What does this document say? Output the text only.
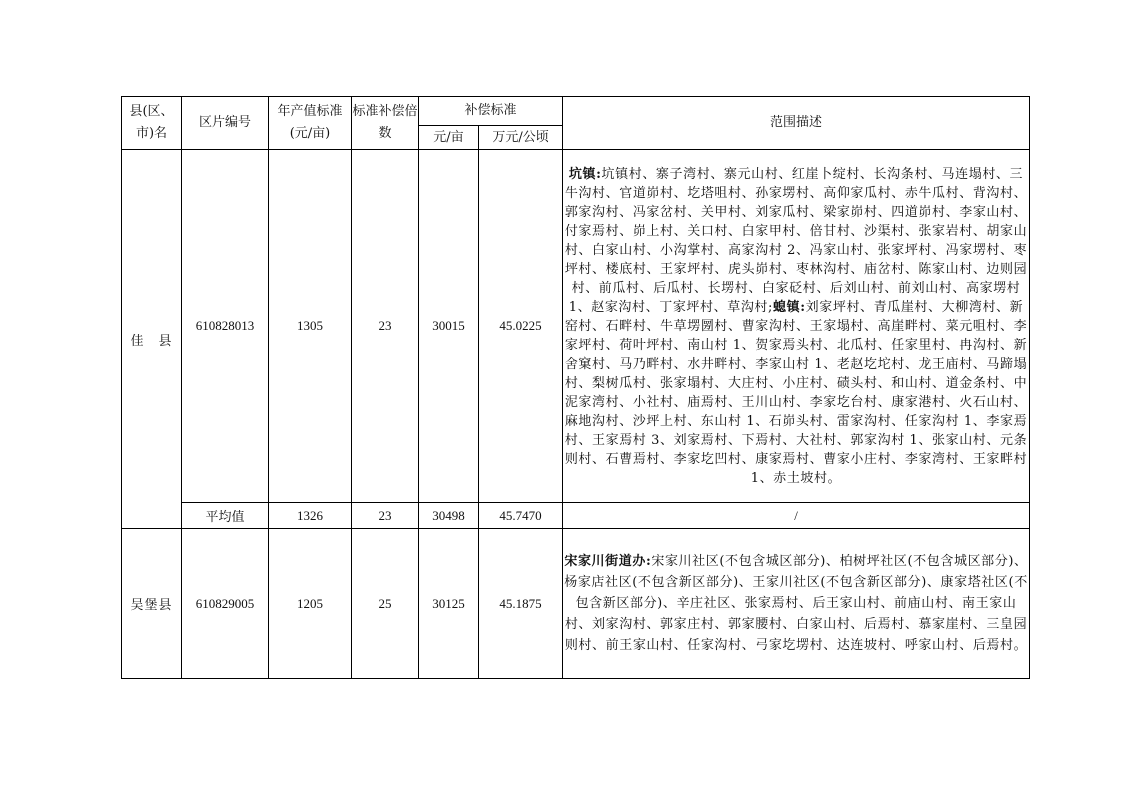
县(区、市)名	区片编号	年产值标准(元/亩)	标准补偿倍数	补偿标准		范围描述
				元/亩	万元/公顷	
佳　县	610828013	1305	23	30015	45.0225	坑镇:坑镇村、寨子湾村、寨元山村、红崖卜绽村、长沟条村、马连塌村、三牛沟村、官道峁村、圪塔咀村、孙家塄村、高仰家瓜村、赤牛瓜村、背沟村、郭家沟村、冯家岔村、关甲村、刘家瓜村、梁家峁村、四道峁村、李家山村、付家焉村、峁上村、关口村、白家甲村、倍甘村、沙渠村、张家岩村、胡家山村、白家山村、小沟掌村、高家沟村 2、冯家山村、张家坪村、冯家塄村、枣坪村、楼底村、王家坪村、虎头峁村、枣林沟村、庙岔村、陈家山村、边则园村、前瓜村、后瓜村、长塄村、白家砭村、后刘山村、前刘山村、高家塄村 1、赵家沟村、丁家坪村、草沟村;螅镇:刘家坪村、青瓜崖村、大柳湾村、新窑村、石畔村、牛草塄圐村、曹家沟村、王家塌村、高崖畔村、菜元咀村、李家坪村、荷叶坪村、南山村 1、贺家焉头村、北瓜村、任家里村、冉沟村、新舍窠村、马乃畔村、水井畔村、李家山村 1、老赵圪坨村、龙王庙村、马蹄塌村、梨树瓜村、张家塌村、大庄村、小庄村、碛头村、和山村、道金条村、中泥家湾村、小社村、庙焉村、王川山村、李家圪台村、康家港村、火石山村、麻地沟村、沙坪上村、东山村 1、石峁头村、雷家沟村、任家沟村 1、李家焉村、王家焉村 3、刘家焉村、下焉村、大社村、郭家沟村 1、张家山村、元条则村、石曹焉村、李家圪凹村、康家焉村、曹家小庄村、李家湾村、王家畔村 1、赤土坡村。
	平均值	1326	23	30498	45.7470	/
吴堡县	610829005	1205	25	30125	45.1875	宋家川街道办:宋家川社区(不包含城区部分)、柏树坪社区(不包含城区部分)、杨家店社区(不包含新区部分)、王家川社区(不包含新区部分)、康家塔社区(不包含新区部分)、辛庄社区、张家焉村、后王家山村、前庙山村、南王家山村、刘家沟村、郭家庄村、郭家腰村、白家山村、后焉村、慕家崖村、三皇园则村、前王家山村、任家沟村、弓家圪塄村、达连坡村、呼家山村、后焉村。
